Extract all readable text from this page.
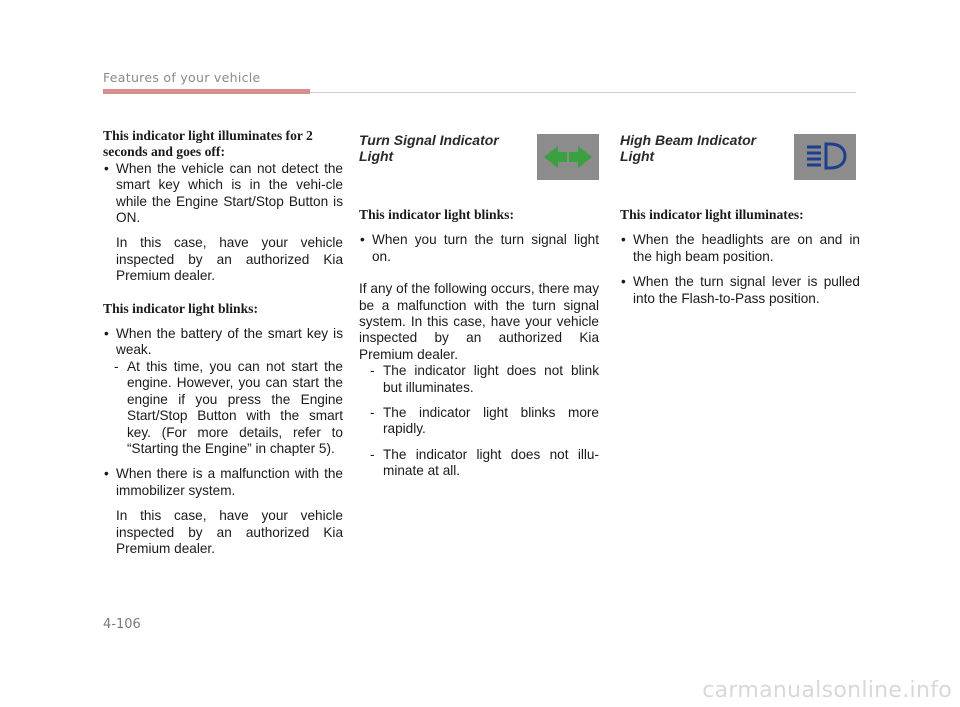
Features of your vehicle

This indicator light illuminates for 2 seconds and goes off:

• When the vehicle can not detect the smart key which is in the vehi-cle while the Engine Start/Stop Button is ON.

In this case, have your vehicle inspected by an authorized Kia Premium dealer.

This indicator light blinks:

• When the battery of the smart key is weak.
- At this time, you can not start the engine. However, you can start the engine if you press the Engine Start/Stop Button with the smart key. (For more details, refer to “Starting the Engine” in chapter 5).
• When there is a malfunction with the immobilizer system.

In this case, have your vehicle inspected by an authorized Kia Premium dealer.

Turn Signal Indicator Light

This indicator light blinks:

• When you turn the turn signal light on.

If any of the following occurs, there may be a malfunction with the turn signal system. In this case, have your vehicle inspected by an authorized Kia Premium dealer.

- The indicator light does not blink but illuminates.
- The indicator light blinks more rapidly.
- The indicator light does not illu-minate at all.

High Beam Indicator Light

This indicator light illuminates:

• When the headlights are on and in the high beam position.
• When the turn signal lever is pulled into the Flash-to-Pass position.
4-106
carmanualsonline.info
